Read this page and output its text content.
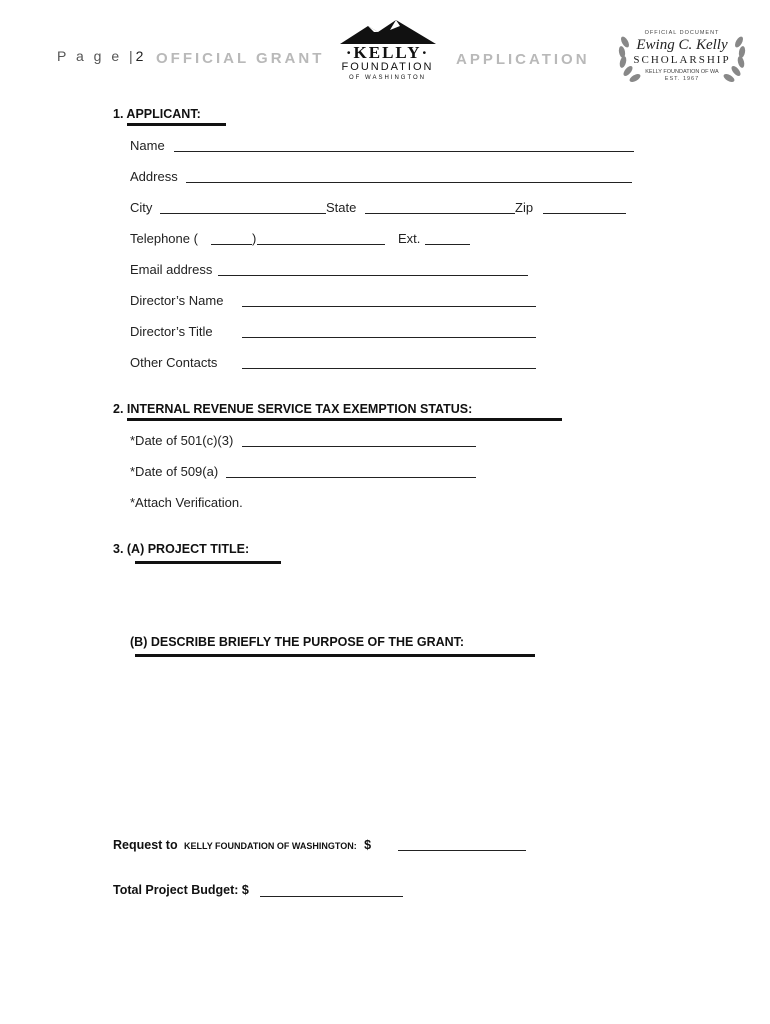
P a g e |2 OFFICIAL GRANT	APPLICATION
·KELLY·
FOUNDATION
OF WASHINGTON
OFFICIAL DOCUMENT
Ewing C. Kelly
SCHOLARSHIP
KELLY FOUNDATION OF WA
EST. 1967
1. APPLICANT:
Name
Address
City	State	Zip
Telephone (	)	Ext.
Email address
Director’s Name
Director’s Title
Other Contacts
2. INTERNAL REVENUE SERVICE TAX EXEMPTION STATUS:
*Date of 501(c)(3)
*Date of 509(a)
*Attach Verification.
3. (A) PROJECT TITLE:
(B) DESCRIBE BRIEFLY THE PURPOSE OF THE GRANT:
Request to KELLY FOUNDATION OF WASHINGTON: $
Total Project Budget: $
